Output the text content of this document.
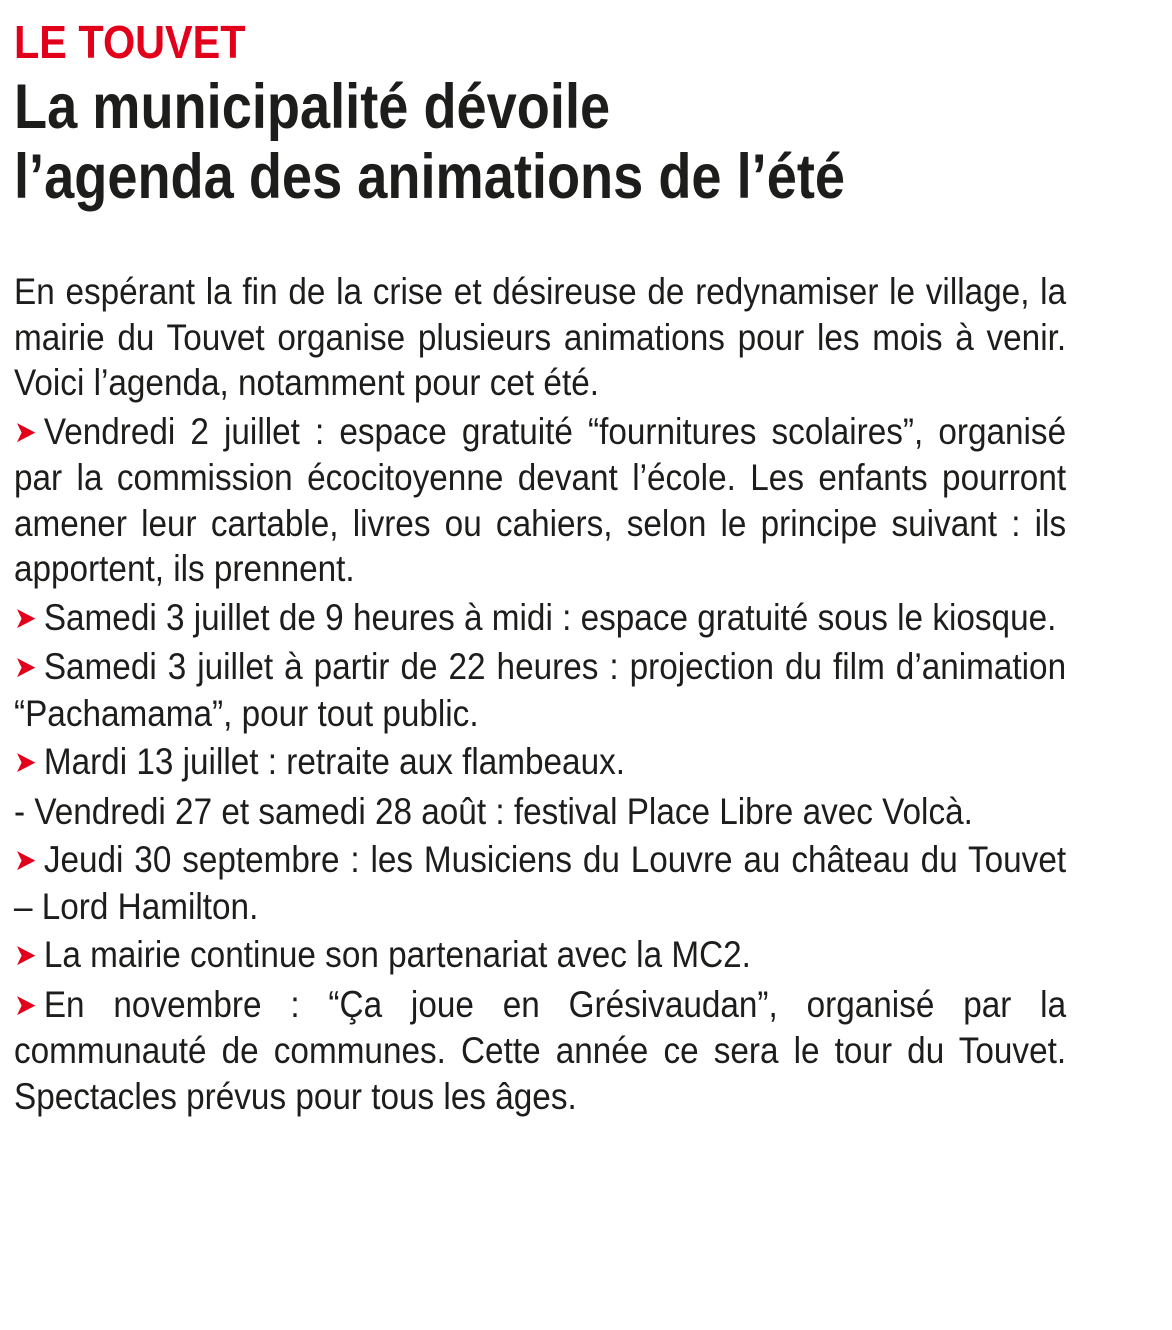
LE TOUVET
La municipalité dévoile
l’agenda des animations de l’été

En espérant la fin de la crise et désireuse de redynamiser le village, la mairie du Touvet organise plusieurs animations pour les mois à venir. Voici l’agenda, notamment pour cet été.

➤ Vendredi 2 juillet : espace gratuité “fournitures scolaires”, organisé par la commission écocitoyenne devant l’école. Les enfants pourront amener leur cartable, livres ou cahiers, selon le principe suivant : ils apportent, ils prennent.

➤ Samedi 3 juillet de 9 heures à midi : espace gratuité sous le kiosque.

➤ Samedi 3 juillet à partir de 22 heures : projection du film d’animation “Pachamama”, pour tout public.

➤ Mardi 13 juillet : retraite aux flambeaux.

- Vendredi 27 et samedi 28 août : festival Place Libre avec Volcà.

➤ Jeudi 30 septembre : les Musiciens du Louvre au château du Touvet – Lord Hamilton.

➤ La mairie continue son partenariat avec la MC2.

➤ En novembre : “Ça joue en Grésivaudan”, organisé par la communauté de communes. Cette année ce sera le tour du Touvet. Spectacles prévus pour tous les âges.
